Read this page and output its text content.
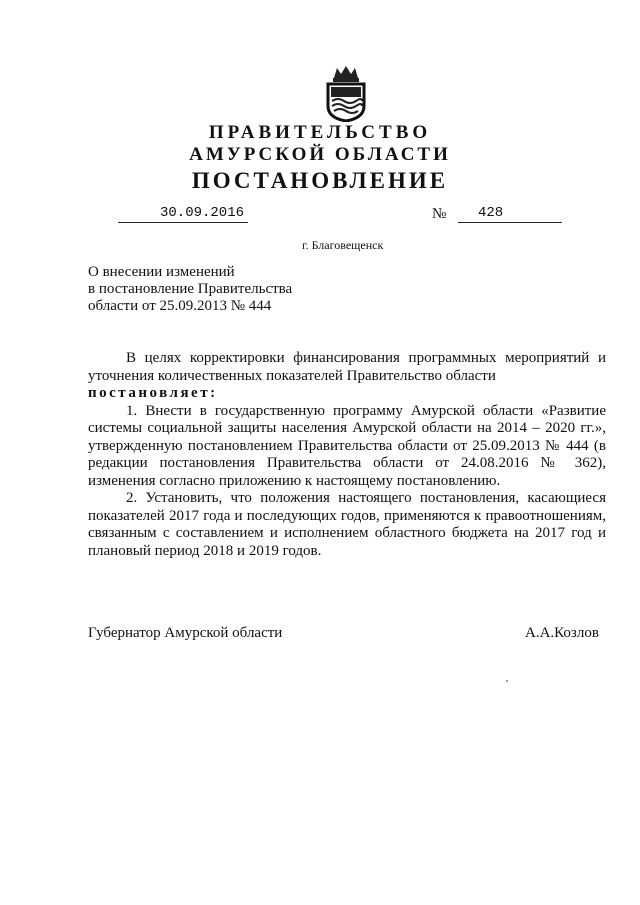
ПРАВИТЕЛЬСТВО
АМУРСКОЙ ОБЛАСТИ
ПОСТАНОВЛЕНИЕ
30.09.2016	№ 428
г. Благовещенск
О внесении изменений
в постановление Правительства
области от 25.09.2013 № 444

В целях корректировки финансирования программных мероприятий и уточнения количественных показателей Правительство области

постановляет:

1. Внести в государственную программу Амурской области «Развитие системы социальной защиты населения Амурской области на 2014 – 2020 гг.», утвержденную постановлением Правительства области от 25.09.2013 № 444 (в редакции постановления Правительства области от 24.08.2016 № 362), изменения согласно приложению к настоящему постановлению.

2. Установить, что положения настоящего постановления, касающиеся показателей 2017 года и последующих годов, применяются к правоотношениям, связанным с составлением и исполнением областного бюджета на 2017 год и плановый период 2018 и 2019 годов.

Губернатор Амурской области	А.А.Козлов
ʼ
